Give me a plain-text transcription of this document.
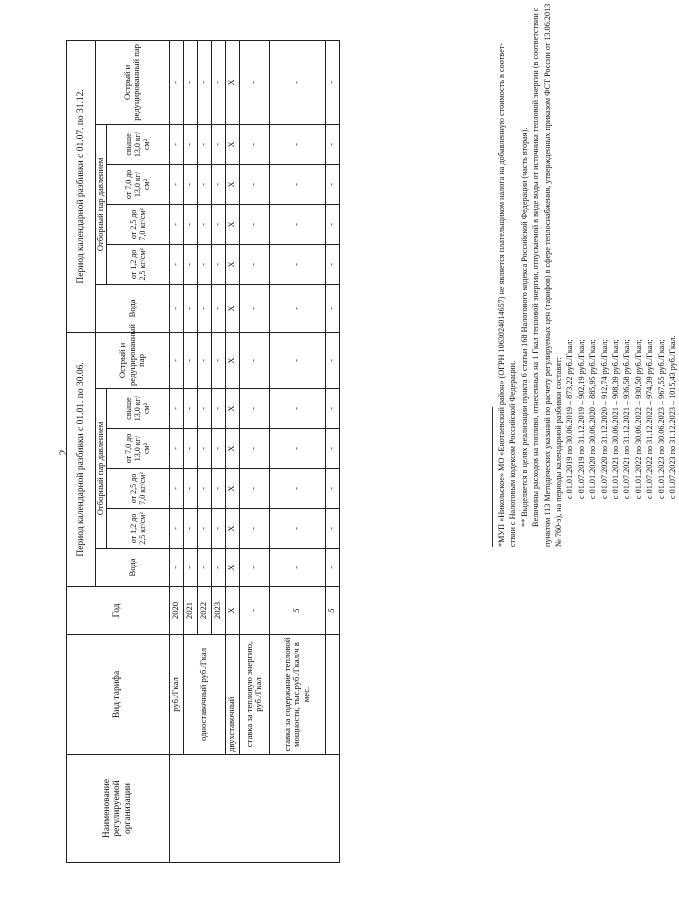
2
Наименование регулируемой организации	Вид тарифа	Год	Период календарной разбивки с 01.01. по 30.06.						Период календарной разбивки с 01.07. по 31.12.					
			Вода	Отборный пар давлением				Острый и редуцированный пар	Вода	Отборный пар давлением				Острый и редуцированный пар
				от 1,2 до 2,5 кг/см²	от 2,5 до 7,0 кг/см²	от 7,0 до 13,0 кг/см²	свыше 13,0 кг/см²			от 1,2 до 2,5 кг/см²	от 2,5 до 7,0 кг/см²	от 7,0 до 13,0 кг/см²	свыше 13,0 кг/см²	
	руб./Гкал	2020	-	-	-	-	-	-	-	-	-	-	-	-
	одноставочный руб./Гкал	2021	-	-	-	-	-	-	-	-	-	-	-	-
		2022	-	-	-	-	-	-	-	-	-	-	-	-
		2023	-	-	-	-	-	-	-	-	-	-	-	-
	двухставочный	Х	Х	Х	Х	Х	Х	Х	Х	Х	Х	Х	Х	Х
	ставка за тепловую энергию, руб./Гкал	-	-	-	-	-	-	-	-	-	-	-	-	-
	ставка за содержание тепловой мощности, тыс.руб./Гкал/ч в мес.	5	-	-	-	-	-	-	-	-	-	-	-	-
		5	-	-	-	-	-	-	-	-	-	-	-	-	*МУП «Никольское» МО «Енотаевский район» (ОГРН 1063024014657) не является плательщиком налога на добавленную стоимость в соответ- ствии с Налоговым кодексом Российской Федерации. ** Выделяется в целях реализации пункта 6 статьи 168 Налогового кодекса Российской Федерации (часть вторая). Величины расходов на топливо, отнесенных на 1 Гкал тепловой энергии, отпускаемой в виде воды от источника тепловой энергии (в соответствии с пунктом 113 Методических указаний по расчету регулируемых цен (тарифов) в сфере теплоснабжения, утвержденных приказом ФСТ России от 13.06.2013 № 760-э), на периоды календарной разбивки составят: с 01.01.2019 по 30.06.2019 – 873,22 руб./Гкал; с 01.07.2019 по 31.12.2019 – 902,19 руб./Гкал; с 01.01.2020 по 30.06.2020 – 885,95 руб./Гкал; с 01.07.2020 по 31.12.2020 – 912,74 руб./Гкал; с 01.01.2021 по 30.06.2021 – 908,39 руб./Гкал; с 01.07.2021 по 31.12.2021 – 936,58 руб./Гкал; с 01.01.2022 по 30.06.2022 – 930,50 руб./Гкал; с 01.07.2022 по 31.12.2022 – 974,39 руб./Гкал; с 01.01.2023 по 30.06.2023 – 967,55 руб./Гкал; с 01.07.2023 по 31.12.2023 – 1015,43 руб./Гкал.
